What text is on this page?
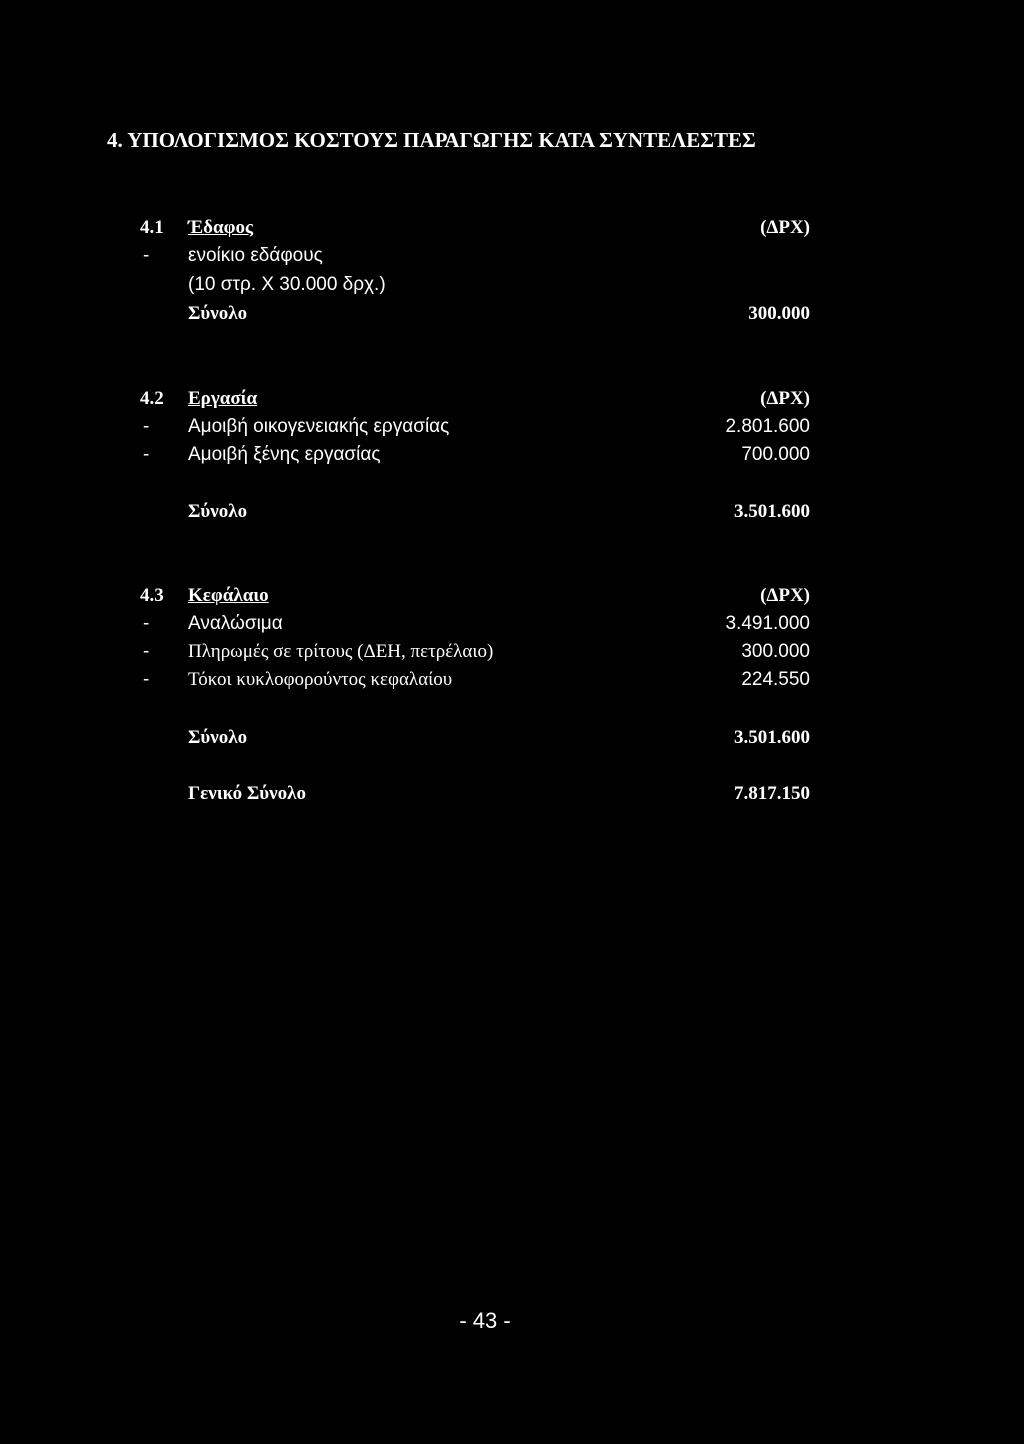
4. ΥΠΟΛΟΓΙΣΜΟΣ ΚΟΣΤΟΥΣ ΠΑΡΑΓΩΓΗΣ ΚΑΤΑ ΣΥΝΤΕΛΕΣΤΕΣ
4.1 Έδαφος	(ΔΡΧ)
- ενοίκιο εδάφους
(10 στρ. Χ 30.000 δρχ.)
Σύνολο	300.000
4.2 Εργασία	(ΔΡΧ)
- Αμοιβή οικογενειακής εργασίας	2.801.600
- Αμοιβή ξένης εργασίας	700.000
Σύνολο	3.501.600
4.3 Κεφάλαιο	(ΔΡΧ)
- Αναλώσιμα	3.491.000
- Πληρωμές σε τρίτους (ΔΕΗ, πετρέλαιο)	300.000
- Τόκοι κυκλοφορούντος κεφαλαίου	224.550
Σύνολο	3.501.600
Γενικό Σύνολο	7.817.150
- 43 -
